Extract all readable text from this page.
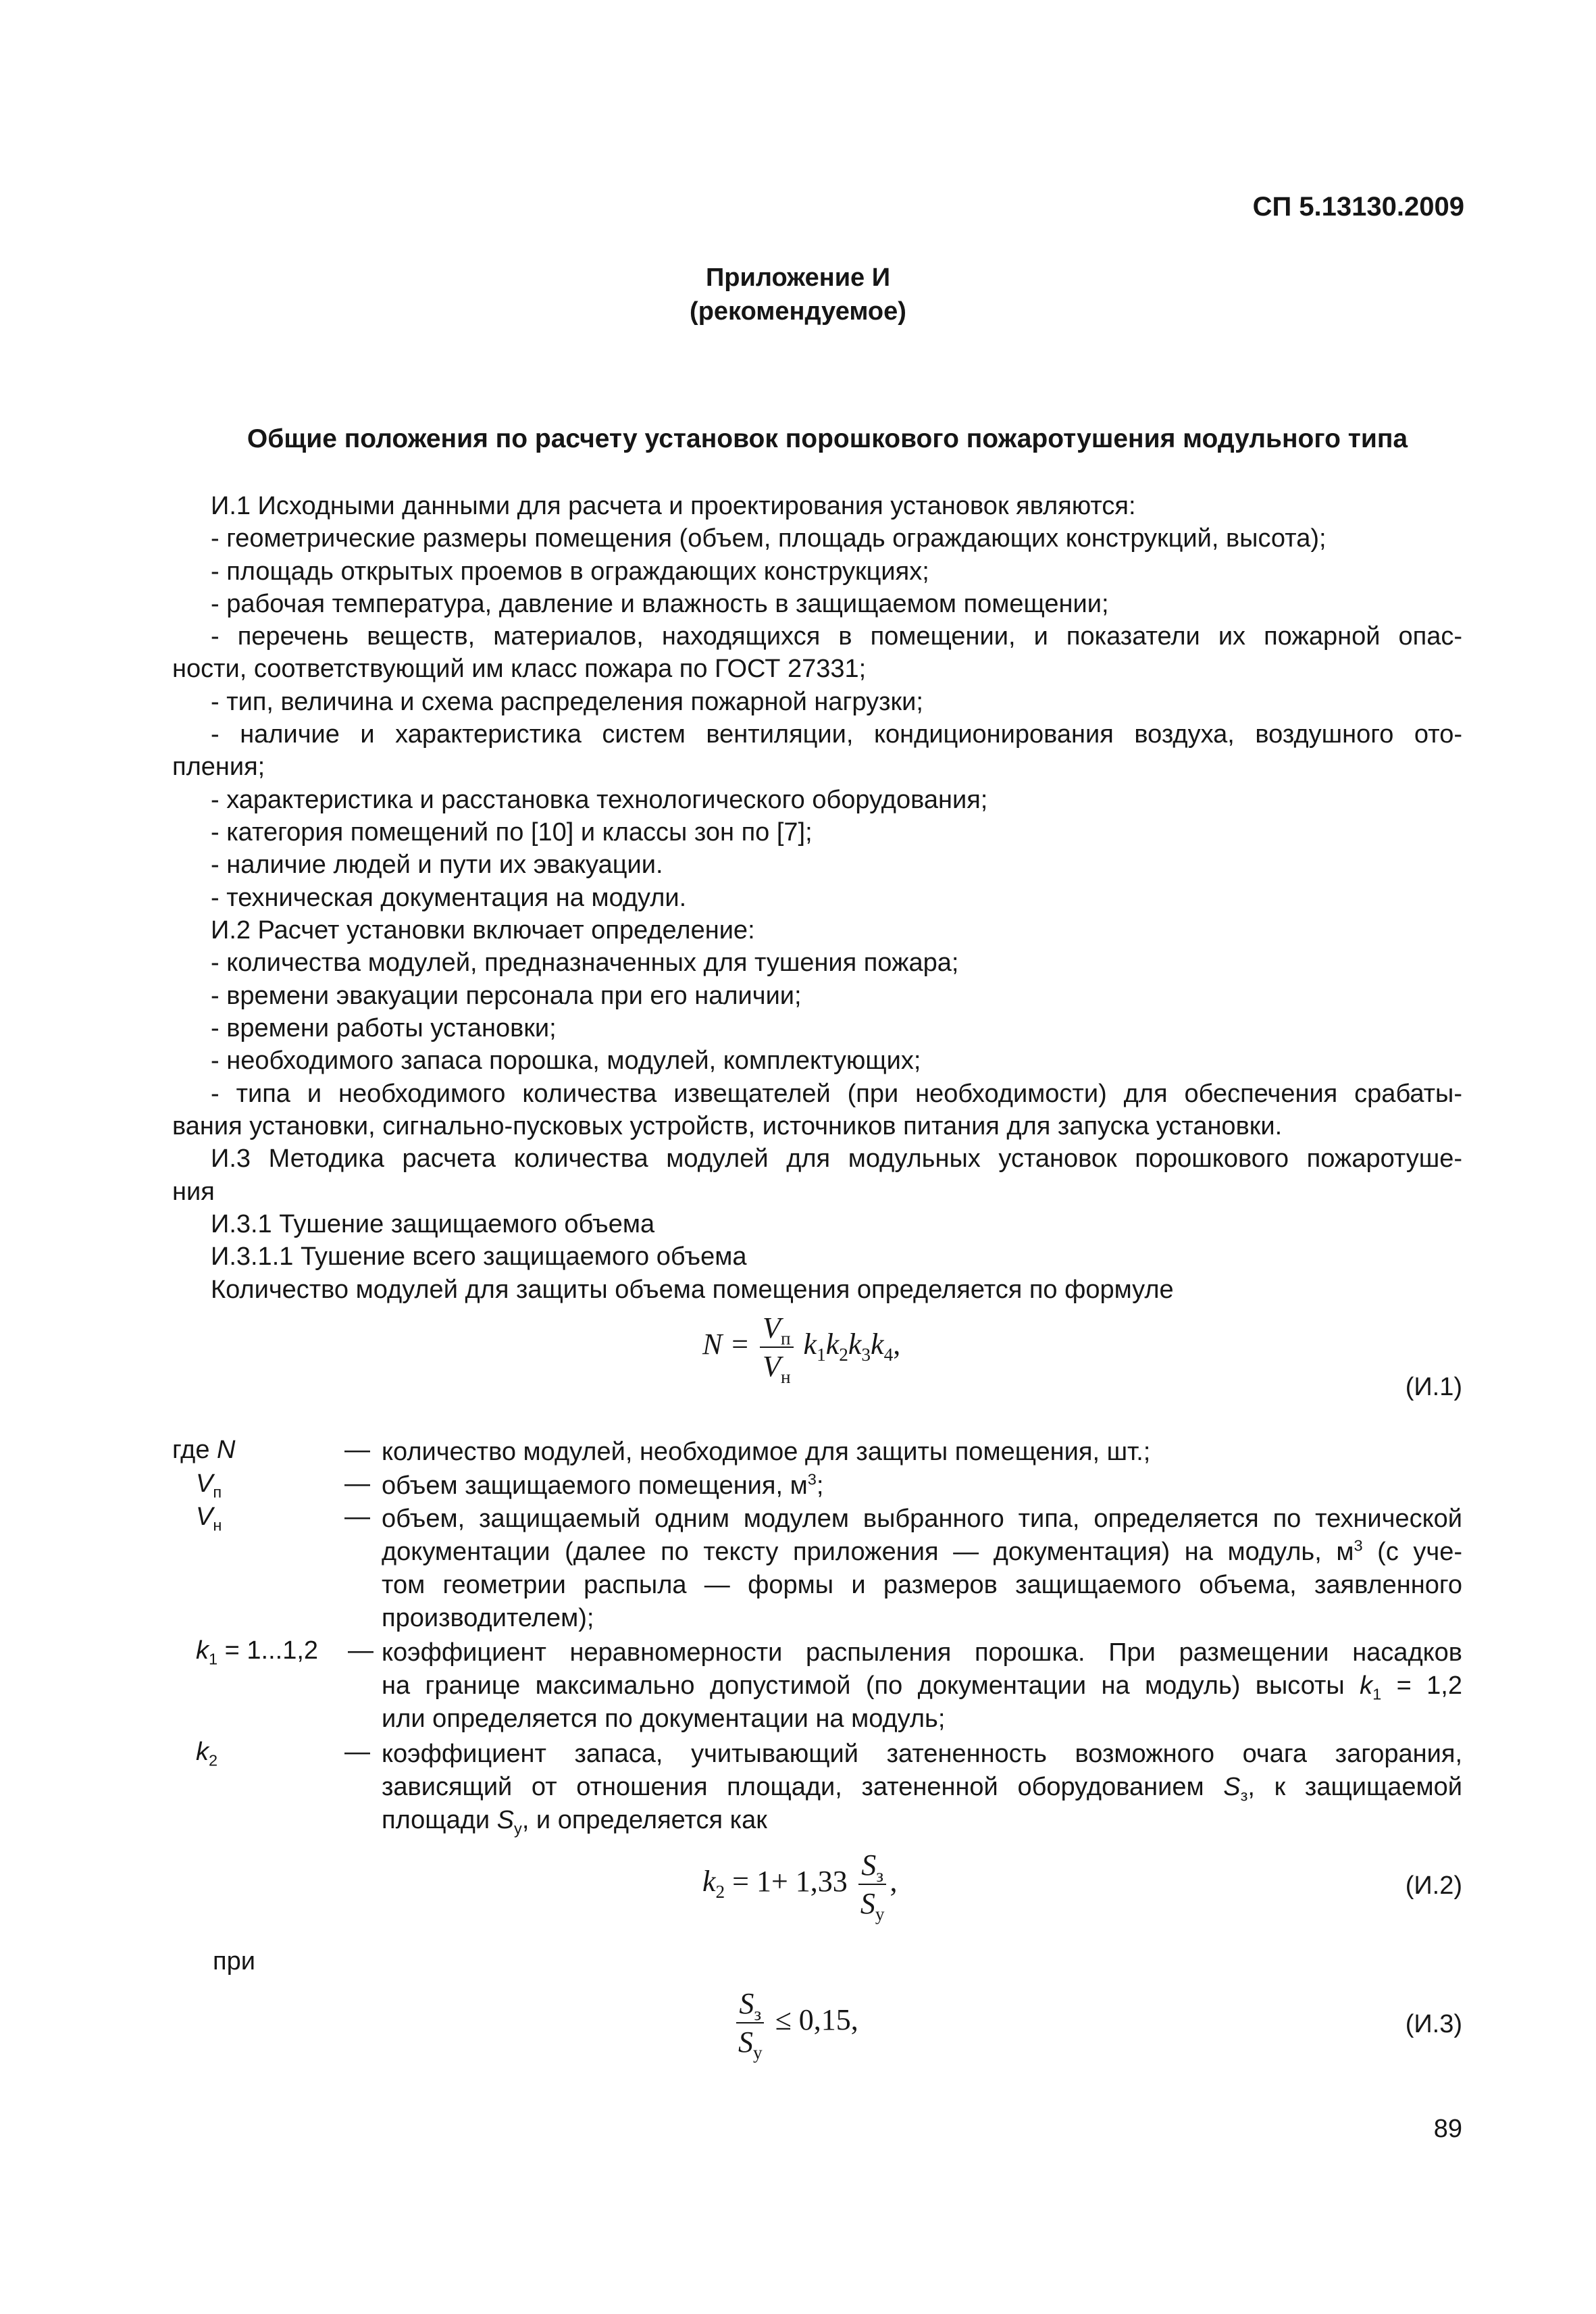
СП 5.13130.2009
Приложение И
(рекомендуемое)
Общие положения по расчету установок порошкового пожаротушения модульного типа
И.1 Исходными данными для расчета и проектирования установок являются:
- геометрические размеры помещения (объем, площадь ограждающих конструкций, высота);
- площадь открытых проемов в ограждающих конструкциях;
- рабочая температура, давление и влажность в защищаемом помещении;
- перечень веществ, материалов, находящихся в помещении, и показатели их пожарной опас-
ности, соответствующий им класс пожара по ГОСТ 27331;
- тип, величина и схема распределения пожарной нагрузки;
- наличие и характеристика систем вентиляции, кондиционирования воздуха, воздушного ото-
пления;
- характеристика и расстановка технологического оборудования;
- категория помещений по [10] и классы зон по [7];
- наличие людей и пути их эвакуации.
- техническая документация на модули.
И.2 Расчет установки включает определение:
- количества модулей, предназначенных для тушения пожара;
- времени эвакуации персонала при его наличии;
- времени работы установки;
- необходимого запаса порошка, модулей, комплектующих;
- типа и необходимого количества извещателей (при необходимости) для обеспечения срабаты-
вания установки, сигнально-пусковых устройств, источников питания для запуска установки.
И.3 Методика расчета количества модулей для модульных установок порошкового пожаротуше-
ния
И.3.1 Тушение защищаемого объема
И.3.1.1 Тушение всего защищаемого объема
Количество модулей для защиты объема помещения определяется по формуле
$N = \frac{V_п}{V_н} k_1k_2k_3k_4$,
(И.1)
где N	— количество модулей, необходимое для защиты помещения, шт.;
$V_п$	— объем защищаемого помещения, $м^3$;
$V_н$	— объем, защищаемый одним модулем выбранного типа, определяется по технической
документации (далее по тексту приложения — документация) на модуль, $м^3$ (с уче-
том геометрии распыла — формы и размеров защищаемого объема, заявленного
производителем);
$k_1 = 1...1,2$ — коэффициент неравномерности распыления порошка. При размещении насадков
на границе максимально допустимой (по документации на модуль) высоты $k_1 = 1,2$
или определяется по документации на модуль;
$k_2$	— коэффициент запаса, учитывающий затененность возможного очага загорания,
зависящий от отношения площади, затененной оборудованием $S_з$, к защищаемой
площади $S_у$, и определяется как
$k_2 = 1+ 1,33 \frac{S_з}{S_у}$ ,	(И.2)
при
$\frac{S_з}{S_у} \le 0,15$,	(И.3)
89
